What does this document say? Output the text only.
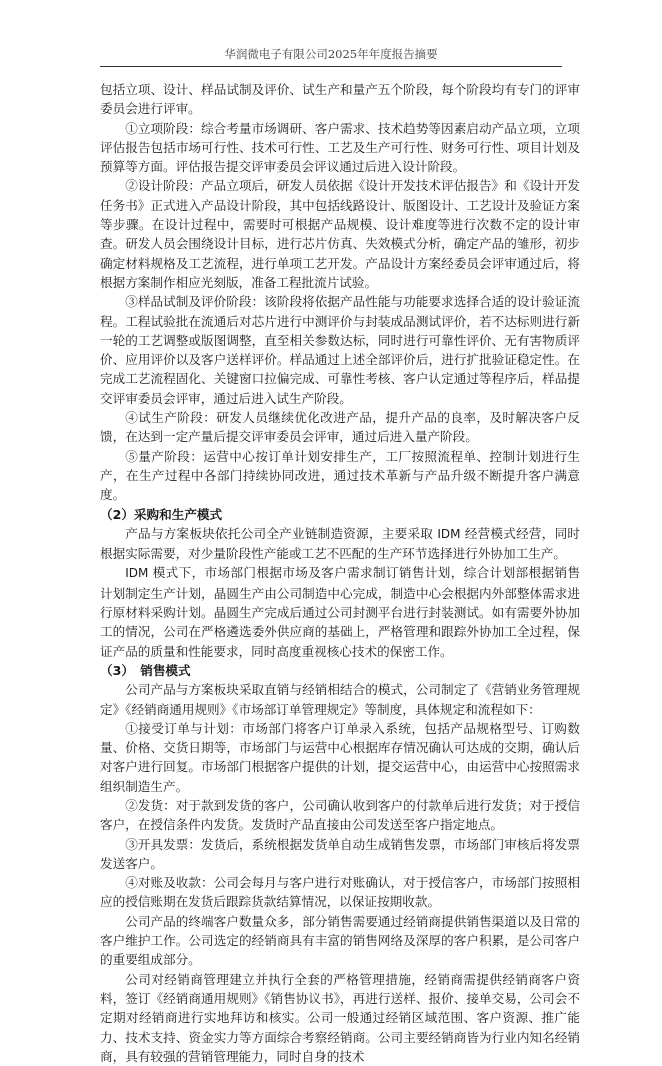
华润微电子有限公司2025年年度报告摘要

包括立项、设计、样品试制及评价、试生产和量产五个阶段，每个阶段均有专门的评审委员会进行评审。

①立项阶段：综合考量市场调研、客户需求、技术趋势等因素启动产品立项，立项评估报告包括市场可行性、技术可行性、工艺及生产可行性、财务可行性、项目计划及预算等方面。评估报告提交评审委员会评议通过后进入设计阶段。

②设计阶段：产品立项后，研发人员依据《设计开发技术评估报告》和《设计开发任务书》正式进入产品设计阶段，其中包括线路设计、版图设计、工艺设计及验证方案等步骤。在设计过程中，需要时可根据产品规模、设计难度等进行次数不定的设计审查。研发人员会围绕设计目标，进行芯片仿真、失效模式分析，确定产品的雏形，初步确定材料规格及工艺流程，进行单项工艺开发。产品设计方案经委员会评审通过后，将根据方案制作相应光刻版，准备工程批流片试验。

③样品试制及评价阶段：该阶段将依据产品性能与功能要求选择合适的设计验证流程。工程试验批在流通后对芯片进行中测评价与封装成品测试评价，若不达标则进行新一轮的工艺调整或版图调整，直至相关参数达标，同时进行可靠性评价、无有害物质评价、应用评价以及客户送样评价。样品通过上述全部评价后，进行扩批验证稳定性。在完成工艺流程固化、关键窗口拉偏完成、可靠性考核、客户认定通过等程序后，样品提交评审委员会评审，通过后进入试生产阶段。

④试生产阶段：研发人员继续优化改进产品，提升产品的良率，及时解决客户反馈，在达到一定产量后提交评审委员会评审，通过后进入量产阶段。

⑤量产阶段：运营中心按订单计划安排生产，工厂按照流程单、控制计划进行生产，在生产过程中各部门持续协同改进，通过技术革新与产品升级不断提升客户满意度。

（2）采购和生产模式

产品与方案板块依托公司全产业链制造资源，主要采取 IDM 经营模式经营，同时根据实际需要，对少量阶段性产能或工艺不匹配的生产环节选择进行外协加工生产。

IDM 模式下，市场部门根据市场及客户需求制订销售计划，综合计划部根据销售计划制定生产计划，晶圆生产由公司制造中心完成，制造中心会根据内外部整体需求进行原材料采购计划。晶圆生产完成后通过公司封测平台进行封装测试。如有需要外协加工的情况，公司在严格遴选委外供应商的基础上，严格管理和跟踪外协加工全过程，保证产品的质量和性能要求，同时高度重视核心技术的保密工作。

（3）　销售模式

公司产品与方案板块采取直销与经销相结合的模式，公司制定了《营销业务管理规定》《经销商通用规则》《市场部订单管理规定》等制度，具体规定和流程如下：

①接受订单与计划：市场部门将客户订单录入系统，包括产品规格型号、订购数量、价格、交货日期等，市场部门与运营中心根据库存情况确认可达成的交期，确认后对客户进行回复。市场部门根据客户提供的计划，提交运营中心，由运营中心按照需求组织制造生产。

②发货：对于款到发货的客户，公司确认收到客户的付款单后进行发货；对于授信客户，在授信条件内发货。发货时产品直接由公司发送至客户指定地点。

③开具发票：发货后，系统根据发货单自动生成销售发票，市场部门审核后将发票发送客户。

④对账及收款：公司会每月与客户进行对账确认，对于授信客户，市场部门按照相应的授信账期在发货后跟踪货款结算情况，以保证按期收款。

公司产品的终端客户数量众多，部分销售需要通过经销商提供销售渠道以及日常的客户维护工作。公司选定的经销商具有丰富的销售网络及深厚的客户积累，是公司客户的重要组成部分。

公司对经销商管理建立并执行全套的严格管理措施，经销商需提供经销商客户资料，签订《经销商通用规则》《销售协议书》，再进行送样、报价、接单交易，公司会不定期对经销商进行实地拜访和核实。公司一般通过经销区域范围、客户资源、推广能力、技术支持、资金实力等方面综合考察经销商。公司主要经销商皆为行业内知名经销商，具有较强的营销管理能力，同时自身的技术
